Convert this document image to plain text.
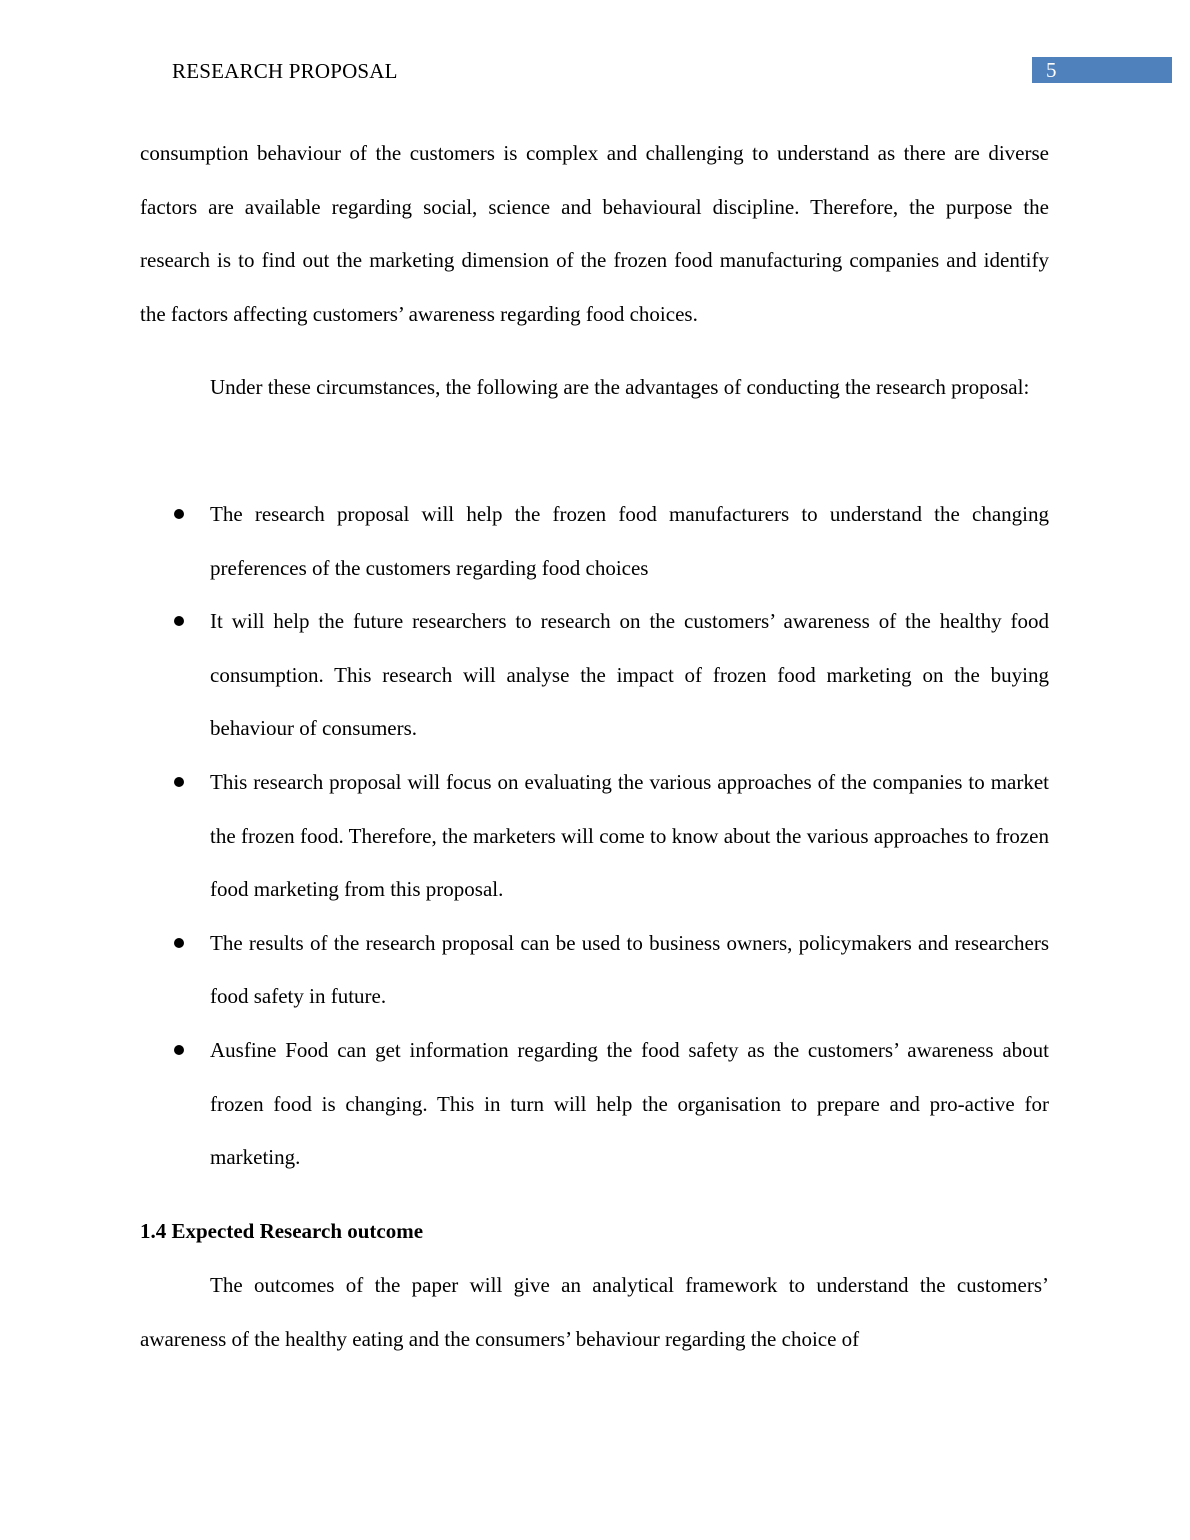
RESEARCH PROPOSAL	5

consumption behaviour of the customers is complex and challenging to understand as there are diverse factors are available regarding social, science and behavioural discipline. Therefore, the purpose the research is to find out the marketing dimension of the frozen food manufacturing companies and identify the factors affecting customers’ awareness regarding food choices.

Under these circumstances, the following are the advantages of conducting the research proposal:

The research proposal will help the frozen food manufacturers to understand the changing preferences of the customers regarding food choices
It will help the future researchers to research on the customers’ awareness of the healthy food consumption. This research will analyse the impact of frozen food marketing on the buying behaviour of consumers.
This research proposal will focus on evaluating the various approaches of the companies to market the frozen food. Therefore, the marketers will come to know about the various approaches to frozen food marketing from this proposal.
The results of the research proposal can be used to business owners, policymakers and researchers food safety in future.
Ausfine Food can get information regarding the food safety as the customers’ awareness about frozen food is changing. This in turn will help the organisation to prepare and pro-active for marketing.
1.4 Expected Research outcome

The outcomes of the paper will give an analytical framework to understand the customers’ awareness of the healthy eating and the consumers’ behaviour regarding the choice of
